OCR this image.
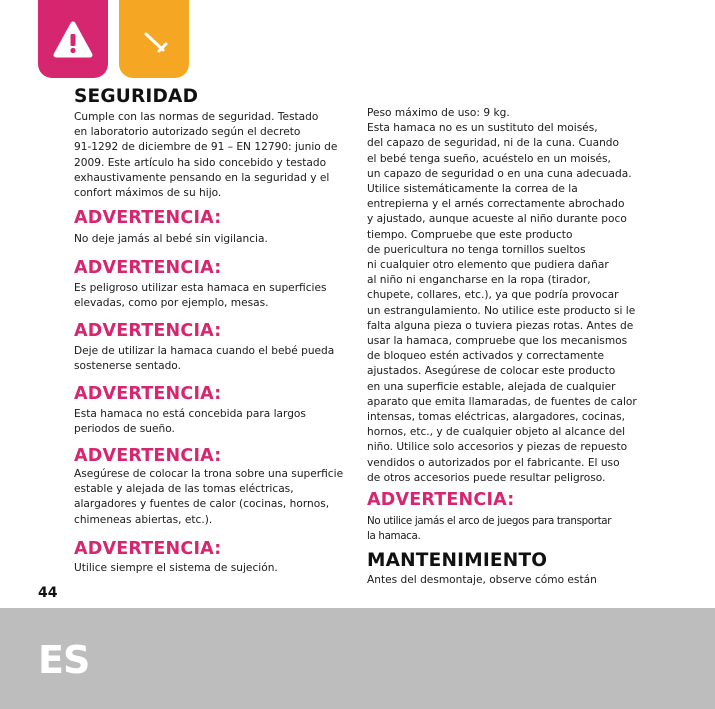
SEGURIDAD

Cumple con las normas de seguridad. Testado
en laboratorio autorizado según el decreto
91-1292 de diciembre de 91 – EN 12790: junio de
2009. Este artículo ha sido concebido y testado
exhaustivamente pensando en la seguridad y el
confort máximos de su hijo.

ADVERTENCIA:

No deje jamás al bebé sin vigilancia.

ADVERTENCIA:

Es peligroso utilizar esta hamaca en superficies
elevadas, como por ejemplo, mesas.

ADVERTENCIA:

Deje de utilizar la hamaca cuando el bebé pueda
sostenerse sentado.

ADVERTENCIA:

Esta hamaca no está concebida para largos
periodos de sueño.

ADVERTENCIA:

Asegúrese de colocar la trona sobre una superficie
estable y alejada de las tomas eléctricas,
alargadores y fuentes de calor (cocinas, hornos,
chimeneas abiertas, etc.).

ADVERTENCIA:

Utilice siempre el sistema de sujeción.

Peso máximo de uso: 9 kg.
Esta hamaca no es un sustituto del moisés,
del capazo de seguridad, ni de la cuna. Cuando
el bebé tenga sueño, acuéstelo en un moisés,
un capazo de seguridad o en una cuna adecuada.
Utilice sistemáticamente la correa de la
entrepierna y el arnés correctamente abrochado
y ajustado, aunque acueste al niño durante poco
tiempo. Compruebe que este producto
de puericultura no tenga tornillos sueltos
ni cualquier otro elemento que pudiera dañar
al niño ni engancharse en la ropa (tirador,
chupete, collares, etc.), ya que podría provocar
un estrangulamiento. No utilice este producto si le
falta alguna pieza o tuviera piezas rotas. Antes de
usar la hamaca, compruebe que los mecanismos
de bloqueo estén activados y correctamente
ajustados. Asegúrese de colocar este producto
en una superficie estable, alejada de cualquier
aparato que emita llamaradas, de fuentes de calor
intensas, tomas eléctricas, alargadores, cocinas,
hornos, etc., y de cualquier objeto al alcance del
niño. Utilice solo accesorios y piezas de repuesto
vendidos o autorizados por el fabricante. El uso
de otros accesorios puede resultar peligroso.

ADVERTENCIA:

No utilice jamás el arco de juegos para transportar
la hamaca.

MANTENIMIENTO

Antes del desmontaje, observe cómo están

44
ES
